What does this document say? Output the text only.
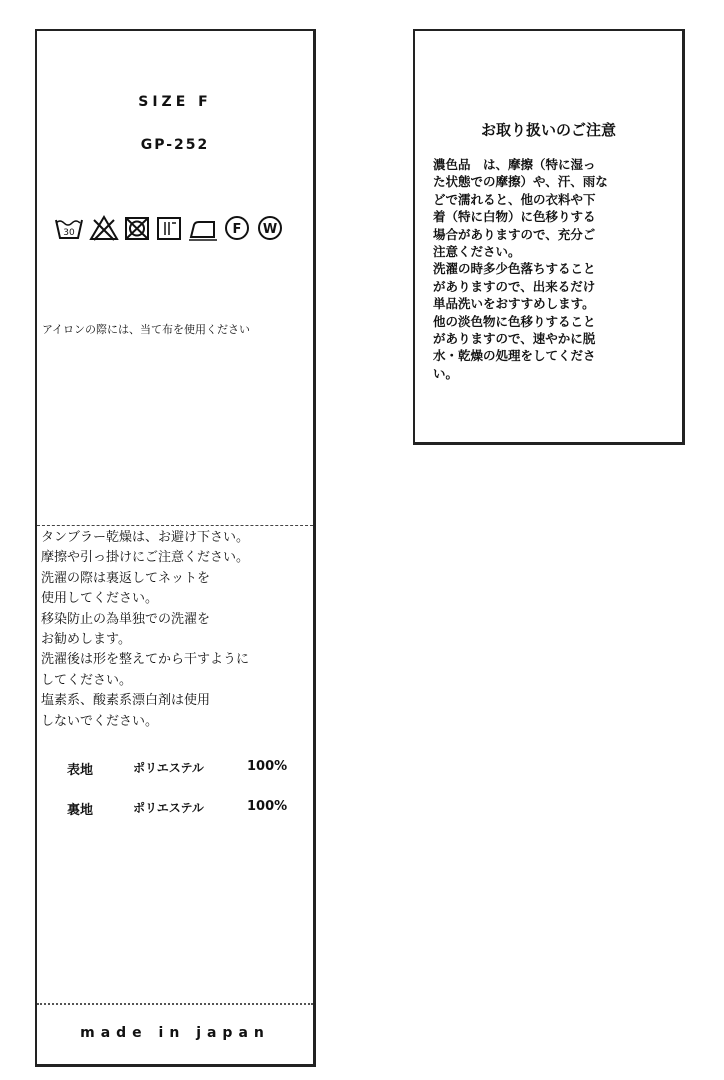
SIZE F
GP-252
30	F W
アイロンの際には、当て布を使用ください
タンブラー乾燥は、お避け下さい。
摩擦や引っ掛けにご注意ください。
洗濯の際は裏返してネットを
使用してください。
移染防止の為単独での洗濯を
お勧めします。
洗濯後は形を整えてから干すように
してください。
塩素系、酸素系漂白剤は使用
しないでください。
表地	ポリエステル	100%
裏地	ポリエステル	100%
made in japan
お取り扱いのご注意
濃色品　は、摩擦（特に湿っ
た状態での摩擦）や、汗、雨な
どで濡れると、他の衣料や下
着（特に白物）に色移りする
場合がありますので、充分ご
注意ください。
洗濯の時多少色落ちすること
がありますので、出来るだけ
単品洗いをおすすめします。
他の淡色物に色移りすること
がありますので、速やかに脱
水・乾燥の処理をしてくださ
い。
